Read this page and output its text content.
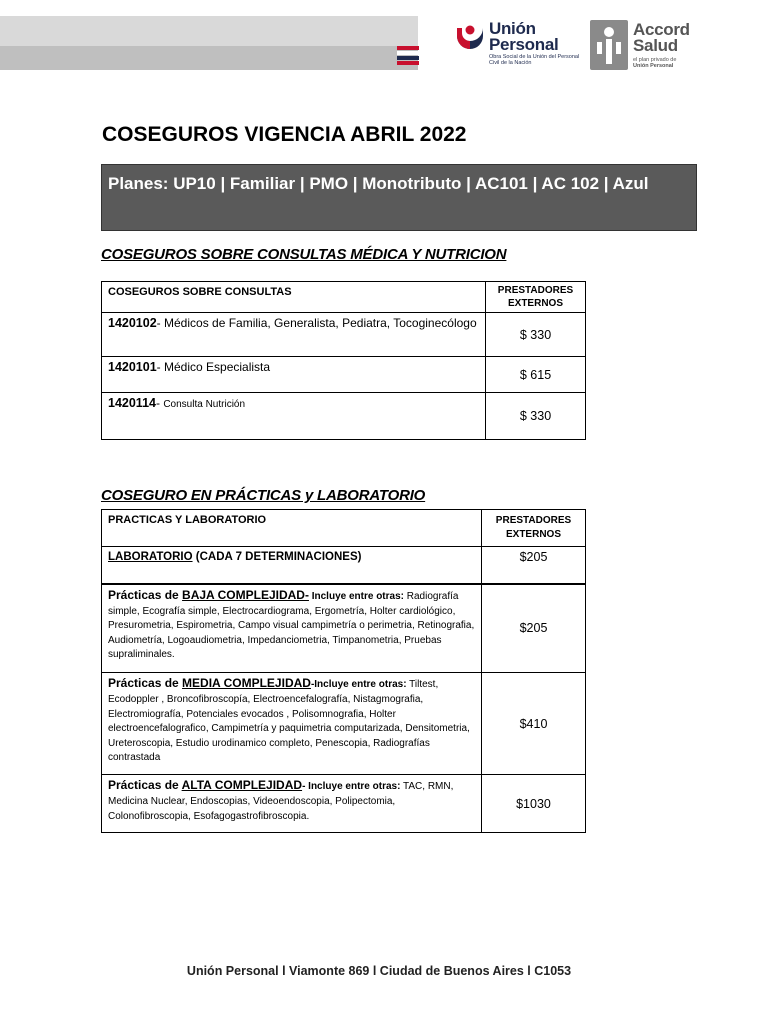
Unión
Personal
Obra Social de la Unión del Personal Civil de la Nación
Accord
Salud
el plan privado de
Unión Personal
COSEGUROS VIGENCIA ABRIL 2022
Planes: UP10 | Familiar | PMO | Monotributo | AC101 | AC 102 | Azul
COSEGUROS SOBRE CONSULTAS MÉDICA Y NUTRICION
COSEGUROS SOBRE CONSULTAS	PRESTADORES
EXTERNOS
1420102- Médicos de Familia, Generalista, Pediatra, Tocoginecólogo	$ 330
1420101- Médico Especialista	$ 615
1420114- Consulta Nutrición	$ 330
COSEGURO EN PRÁCTICAS y LABORATORIO
PRACTICAS Y LABORATORIO	PRESTADORES
EXTERNOS
LABORATORIO (CADA 7 DETERMINACIONES)	$205
Prácticas de BAJA COMPLEJIDAD- Incluye entre otras: Radiografía simple, Ecografía simple, Electrocardiograma, Ergometría, Holter cardiológico, Presurometria, Espirometria, Campo visual campimetría o perimetria, Retinografia, Audiometría, Logoaudiometria, Impedanciometria, Timpanometria, Pruebas supraliminales.	$205
Prácticas de MEDIA COMPLEJIDAD-Incluye entre otras: Tiltest, Ecodoppler , Broncofibroscopía, Electroencefalografía, Nistagmografia, Electromiografía, Potenciales evocados , Polisomnografia, Holter electroencefalografico, Campimetría y paquimetria computarizada, Densitometria, Ureteroscopia, Estudio urodinamico completo, Penescopia, Radiografías contrastada	$410
Prácticas de ALTA COMPLEJIDAD- Incluye entre otras: TAC, RMN, Medicina Nuclear, Endoscopias, Videoendoscopia, Polipectomia, Colonofibroscopia, Esofagogastrofibroscopia.	$1030
Unión Personal l Viamonte 869 l Ciudad de Buenos Aires l C1053
